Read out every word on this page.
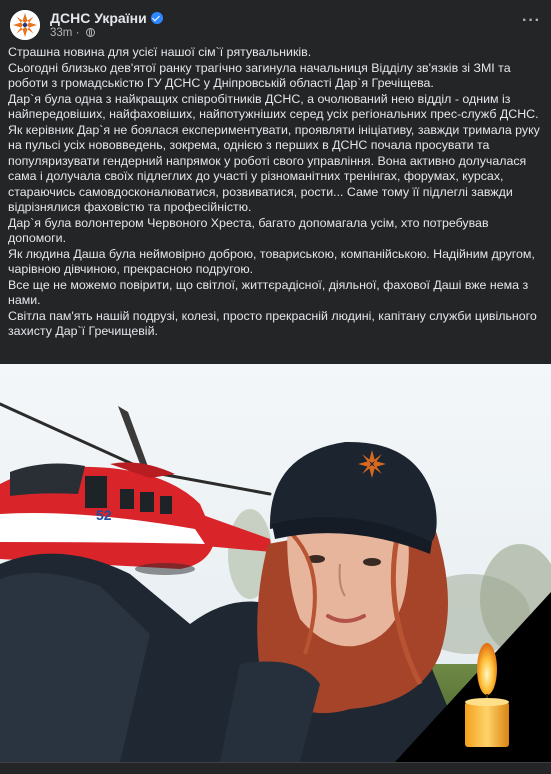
ДСНС України
33m ·
···

Страшна новина для усієї нашої сім`ї рятувальників.

Сьогодні близько дев'ятої ранку трагічно загинула начальниця Відділу зв'язків зі ЗМІ та роботи з громадськістю ГУ ДСНС у Дніпровській області Дар`я Гречіщева.

Дар`я була одна з найкращих співробітників ДСНС, а очолюваний нею відділ - одним із найпередовіших, найфаховіших, найпотужніших серед усіх регіональних прес-служб ДСНС.

Як керівник Дар`я не боялася експериментувати, проявляти ініціативу, завжди тримала руку на пульсі усіх нововведень, зокрема, однією з перших в ДСНС почала просувати та популяризувати гендерний напрямок у роботі свого управління. Вона активно долучалася сама і долучала своїх підлеглих до участі у різноманітних тренінгах, форумах, курсах, стараючись самовдосконалюватися, розвиватися, рости... Саме тому її підлеглі завжди відрізнялися фаховістю та професійністю.

Дар`я була волонтером Червоного Хреста, багато допомагала усім, хто потребував допомоги.

Як людина Даша була неймовірно доброю, товариською, компанійською. Надійним другом, чарівною дівчиною, прекрасною подругою.

Все ще не можемо повірити, що світлої, життєрадісної, діяльної, фахової Даші вже нема з нами.

Світла пам'ять нашій подрузі, колезі, просто прекрасній людині, капітану служби цивільного захисту Дар`ї Гречищевій.

52
